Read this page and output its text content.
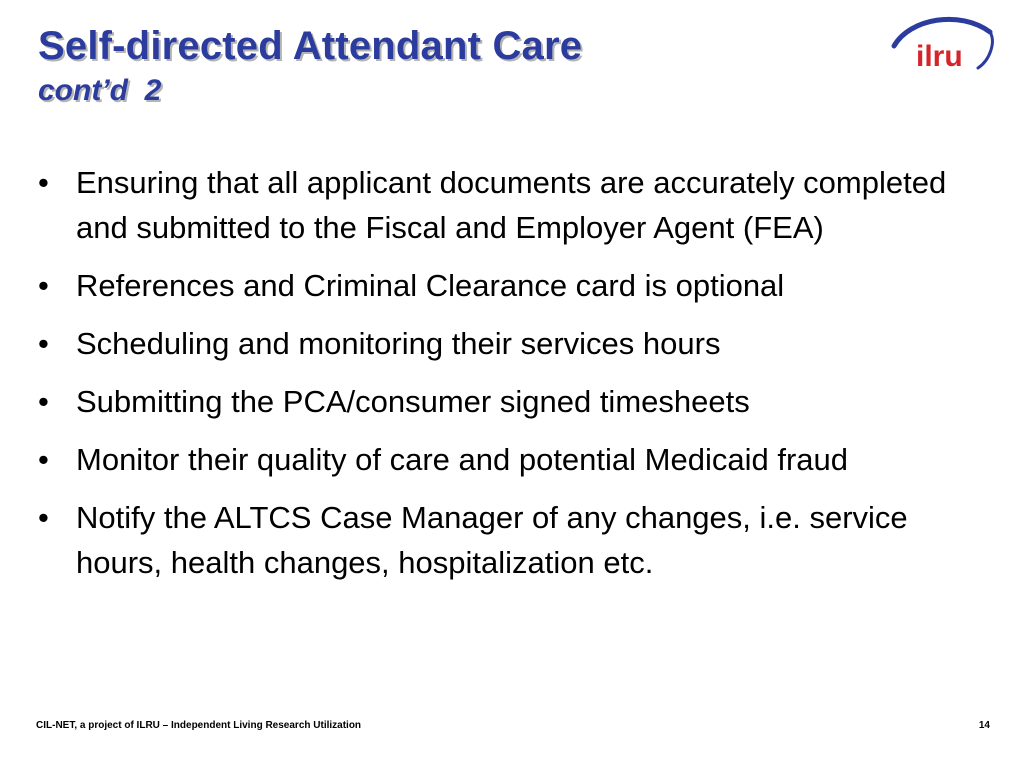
Self-directed Attendant Care
cont’d  2
ilru
• Ensuring that all applicant documents are accurately completed and submitted to the Fiscal and Employer Agent (FEA)
• References and Criminal Clearance card is optional
• Scheduling and monitoring their services hours
• Submitting the PCA/consumer signed timesheets
• Monitor their quality of care and potential Medicaid fraud
• Notify the ALTCS Case Manager of any changes, i.e. service hours, health changes, hospitalization etc.
CIL-NET, a project of ILRU – Independent Living Research Utilization	14
